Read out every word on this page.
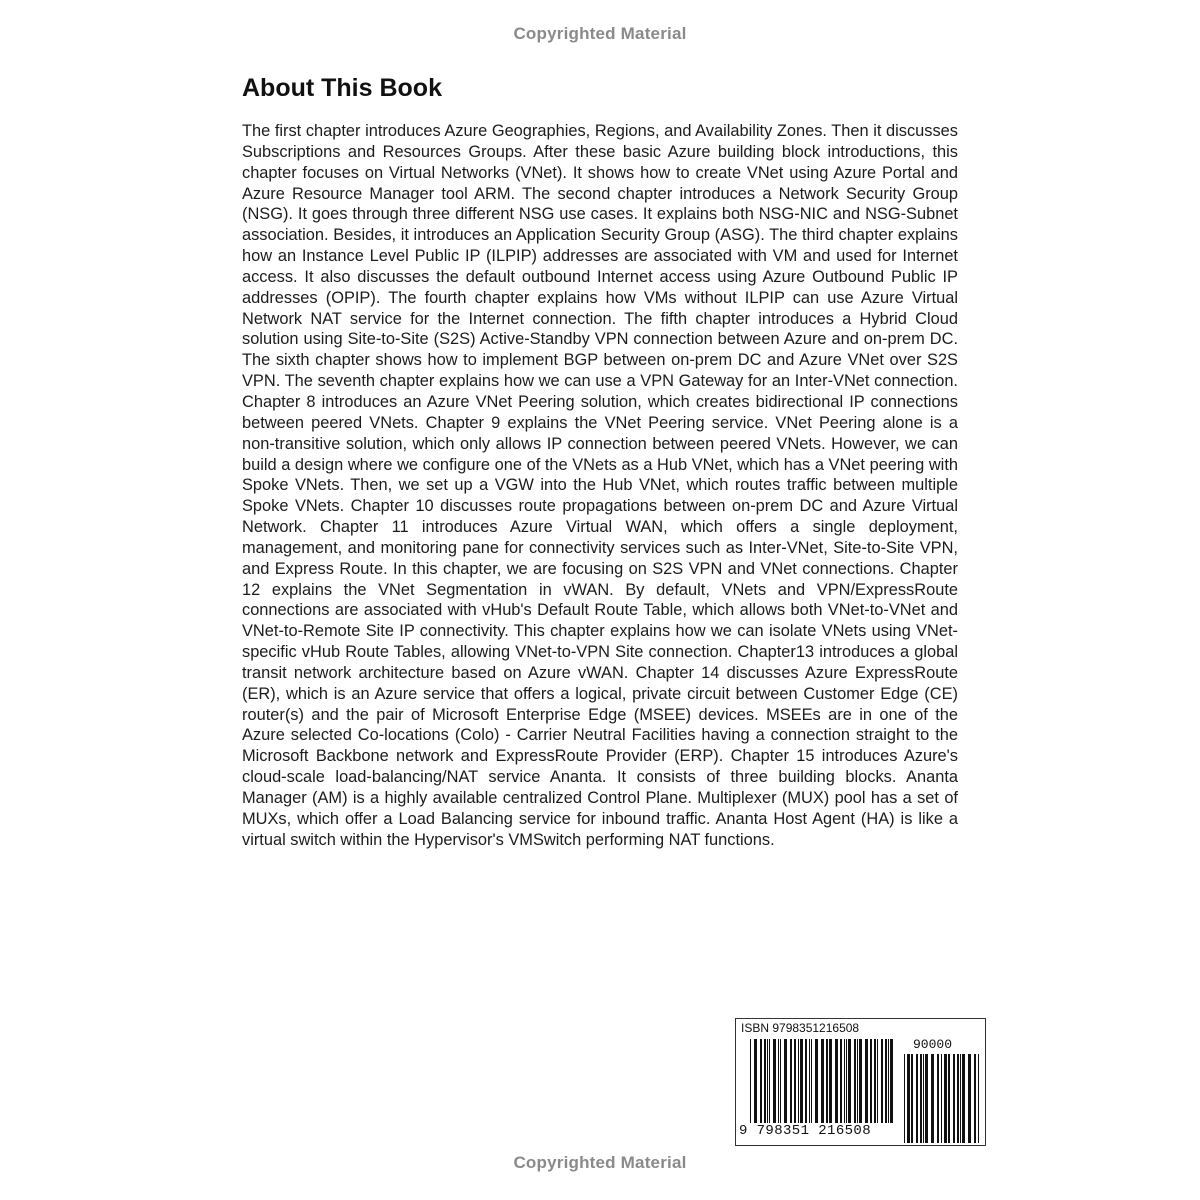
Copyrighted Material
About This Book

The first chapter introduces Azure Geographies, Regions, and Availability Zones. Then it discusses Subscriptions and Resources Groups. After these basic Azure building block introductions, this chapter focuses on Virtual Networks (VNet). It shows how to create VNet using Azure Portal and Azure Resource Manager tool ARM. The second chapter introduces a Network Security Group (NSG). It goes through three different NSG use cases. It explains both NSG-NIC and NSG-Subnet association. Besides, it introduces an Application Security Group (ASG). The third chapter explains how an Instance Level Public IP (ILPIP) addresses are associated with VM and used for Internet access. It also discusses the default outbound Internet access using Azure Outbound Public IP addresses (OPIP). The fourth chapter explains how VMs without ILPIP can use Azure Virtual Network NAT service for the Internet connection. The fifth chapter introduces a Hybrid Cloud solution using Site-to-Site (S2S) Active-Standby VPN connection between Azure and on-prem DC. The sixth chapter shows how to implement BGP between on-prem DC and Azure VNet over S2S VPN. The seventh chapter explains how we can use a VPN Gateway for an Inter-VNet connection. Chapter 8 introduces an Azure VNet Peering solution, which creates bidirectional IP connections between peered VNets. Chapter 9 explains the VNet Peering service. VNet Peering alone is a non-transitive solution, which only allows IP connection between peered VNets. However, we can build a design where we configure one of the VNets as a Hub VNet, which has a VNet peering with Spoke VNets. Then, we set up a VGW into the Hub VNet, which routes traffic between multiple Spoke VNets. Chapter 10 discusses route propagations between on-prem DC and Azure Virtual Network. Chapter 11 introduces Azure Virtual WAN, which offers a single deployment, management, and monitoring pane for connectivity services such as Inter-VNet, Site-to-Site VPN, and Express Route. In this chapter, we are focusing on S2S VPN and VNet connections. Chapter 12 explains the VNet Segmentation in vWAN. By default, VNets and VPN/ExpressRoute connections are associated with vHub's Default Route Table, which allows both VNet-to-VNet and VNet-to-Remote Site IP connectivity. This chapter explains how we can isolate VNets using VNet-specific vHub Route Tables, allowing VNet-to-VPN Site connection. Chapter13 introduces a global transit network architecture based on Azure vWAN. Chapter 14 discusses Azure ExpressRoute (ER), which is an Azure service that offers a logical, private circuit between Customer Edge (CE) router(s) and the pair of Microsoft Enterprise Edge (MSEE) devices. MSEEs are in one of the Azure selected Co-locations (Colo) - Carrier Neutral Facilities having a connection straight to the Microsoft Backbone network and ExpressRoute Provider (ERP). Chapter 15 introduces Azure's cloud-scale load-balancing/NAT service Ananta. It consists of three building blocks. Ananta Manager (AM) is a highly available centralized Control Plane. Multiplexer (MUX) pool has a set of MUXs, which offer a Load Balancing service for inbound traffic. Ananta Host Agent (HA) is like a virtual switch within the Hypervisor's VMSwitch performing NAT functions.

ISBN 9798351216508
90000
9 798351 216508
Copyrighted Material
